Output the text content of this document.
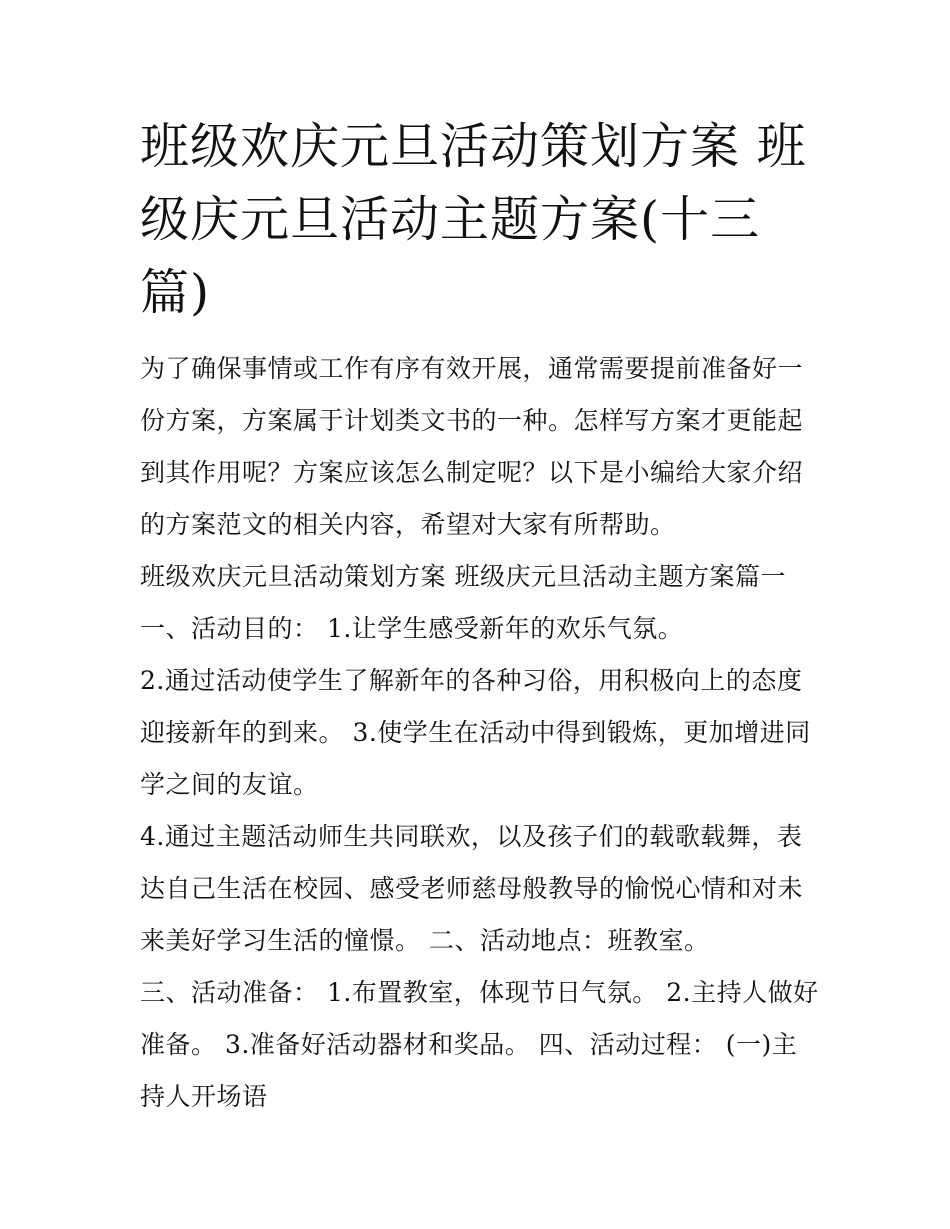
班级欢庆元旦活动策划方案 班级庆元旦活动主题方案(十三篇)

为了确保事情或工作有序有效开展，通常需要提前准备好一份方案，方案属于计划类文书的一种。怎样写方案才更能起到其作用呢？方案应该怎么制定呢？以下是小编给大家介绍的方案范文的相关内容，希望对大家有所帮助。

班级欢庆元旦活动策划方案 班级庆元旦活动主题方案篇一

一、活动目的： 1.让学生感受新年的欢乐气氛。

2.通过活动使学生了解新年的各种习俗，用积极向上的态度迎接新年的到来。 3.使学生在活动中得到锻炼，更加增进同学之间的友谊。

4.通过主题活动师生共同联欢，以及孩子们的载歌载舞，表达自己生活在校园、感受老师慈母般教导的愉悦心情和对未来美好学习生活的憧憬。 二、活动地点：班教室。

三、活动准备： 1.布置教室，体现节日气氛。 2.主持人做好准备。 3.准备好活动器材和奖品。 四、活动过程： (一)主持人开场语
